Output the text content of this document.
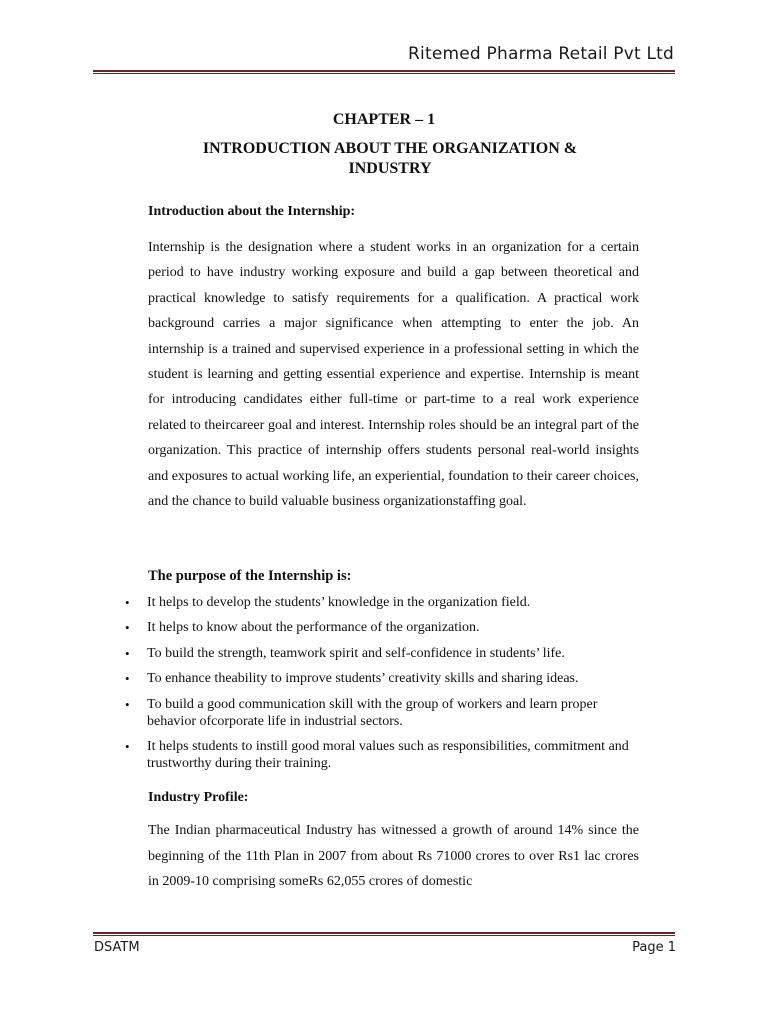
Ritemed Pharma Retail Pvt Ltd
CHAPTER – 1
INTRODUCTION ABOUT THE ORGANIZATION & INDUSTRY
Introduction about the Internship:

Internship is the designation where a student works in an organization for a certain period to have industry working exposure and build a gap between theoretical and practical knowledge to satisfy requirements for a qualification. A practical work background carries a major significance when attempting to enter the job. An internship is a trained and supervised experience in a professional setting in which the student is learning and getting essential experience and expertise. Internship is meant for introducing candidates either full-time or part-time to a real work experience related to theircareer goal and interest. Internship roles should be an integral part of the organization. This practice of internship offers students personal real-world insights and exposures to actual working life, an experiential, foundation to their career choices, and the chance to build valuable business organizationstaffing goal.

The purpose of the Internship is:
• It helps to develop the students’ knowledge in the organization field.
• It helps to know about the performance of the organization.
• To build the strength, teamwork spirit and self-confidence in students’ life.
• To enhance theability to improve students’ creativity skills and sharing ideas.
• To build a good communication skill with the group of workers and learn proper behavior ofcorporate life in industrial sectors.
• It helps students to instill good moral values such as responsibilities, commitment and trustworthy during their training.
Industry Profile:

The Indian pharmaceutical Industry has witnessed a growth of around 14% since the beginning of the 11th Plan in 2007 from about Rs 71000 crores to over Rs1 lac crores in 2009-10 comprising someRs 62,055 crores of domestic

DSATM	Page 1
